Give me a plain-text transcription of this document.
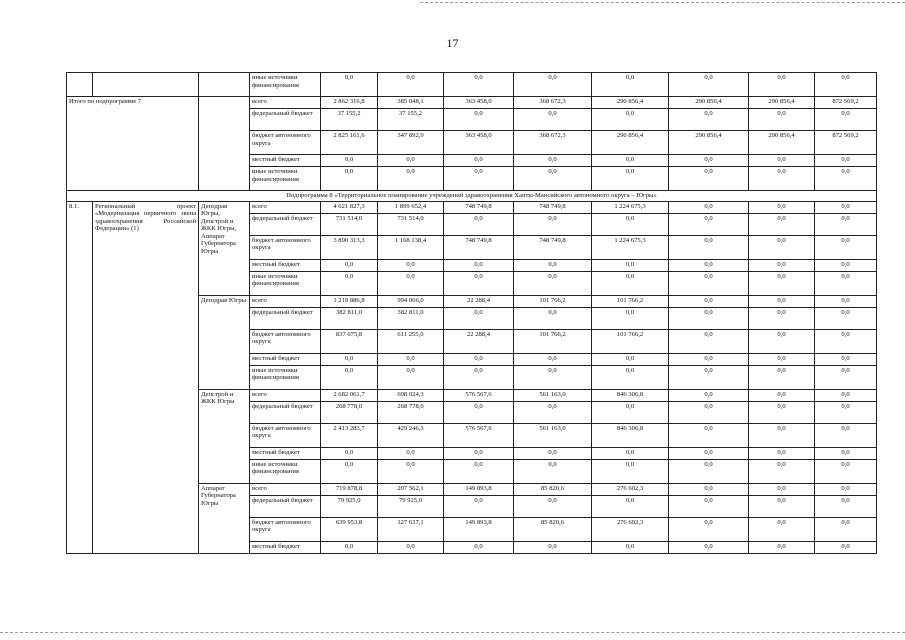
17
			иные источники финансирования	0,0	0,0	0,0	0,0	0,0	0,0	0,0	0,0
Итого по подпрограмме 7			всего	2 862 316,8	385 048,1	363 458,0	368 672,3	290 856,4	290 856,4	290 856,4	872 569,2
			федеральный бюджет	37 155,2	37 155,2	0,0	0,0	0,0	0,0	0,0	0,0
			бюджет автономного округа	2 825 161,6	347 892,9	363 458,0	368 672,3	290 856,4	290 856,4	290 856,4	872 569,2
			местный бюджет	0,0	0,0	0,0	0,0	0,0	0,0	0,0	0,0
			иные источники финансирования	0,0	0,0	0,0	0,0	0,0	0,0	0,0	0,0
Подпрограмма 8 «Территориальное планирование учреждений здравоохранения Ханты-Мансийского автономного округа – Югры»											
8.1.	Региональный проект «Модернизация первичного звена здравоохранения Российской Федерации» (1)	Депздрав Югры, Депстрой и ЖКК Югры, Аппарат Губернатора Югры	всего	4 621 827,3	1 899 652,4	748 749,8	748 749,8	1 224 675,3	0,0	0,0	0,0
			федеральный бюджет	731 514,0	731 514,0	0,0	0,0	0,0	0,0	0,0	0,0
			бюджет автономного округа	3 890 313,3	1 168 138,4	748 749,8	748 749,8	1 224 675,3	0,0	0,0	0,0
			местный бюджет	0,0	0,0	0,0	0,0	0,0	0,0	0,0	0,0
			иные источники финансирования	0,0	0,0	0,0	0,0	0,0	0,0	0,0	0,0
		Депздрав Югры	всего	1 219 886,8	994 066,0	22 288,4	101 766,2	101 766,2	0,0	0,0	0,0
			федеральный бюджет	382 811,0	382 811,0	0,0	0,0	0,0	0,0	0,0	0,0
			бюджет автономного округа	837 075,8	611 255,0	22 288,4	101 766,2	101 766,2	0,0	0,0	0,0
			местный бюджет	0,0	0,0	0,0	0,0	0,0	0,0	0,0	0,0
			иные источники финансирования	0,0	0,0	0,0	0,0	0,0	0,0	0,0	0,0
		Депстрой и ЖКК Югры	всего	2 682 061,7	698 024,3	576 567,6	561 163,0	846 306,8	0,0	0,0	0,0
			федеральный бюджет	268 778,0	268 778,0	0,0	0,0	0,0	0,0	0,0	0,0
			бюджет автономного округа	2 413 283,7	429 246,3	576 567,6	561 163,0	846 306,8	0,0	0,0	0,0
			местный бюджет	0,0	0,0	0,0	0,0	0,0	0,0	0,0	0,0
			иные источники финансирования	0,0	0,0	0,0	0,0	0,0	0,0	0,0	0,0
		Аппарат Губернатора Югры	всего	719 878,8	207 562,1	149 893,8	85 820,6	276 602,3	0,0	0,0	0,0
			федеральный бюджет	79 925,0	79 925,0	0,0	0,0	0,0	0,0	0,0	0,0
			бюджет автономного округа	639 953,8	127 637,1	149 893,8	85 820,6	276 602,3	0,0	0,0	0,0
			местный бюджет	0,0	0,0	0,0	0,0	0,0	0,0	0,0	0,0
